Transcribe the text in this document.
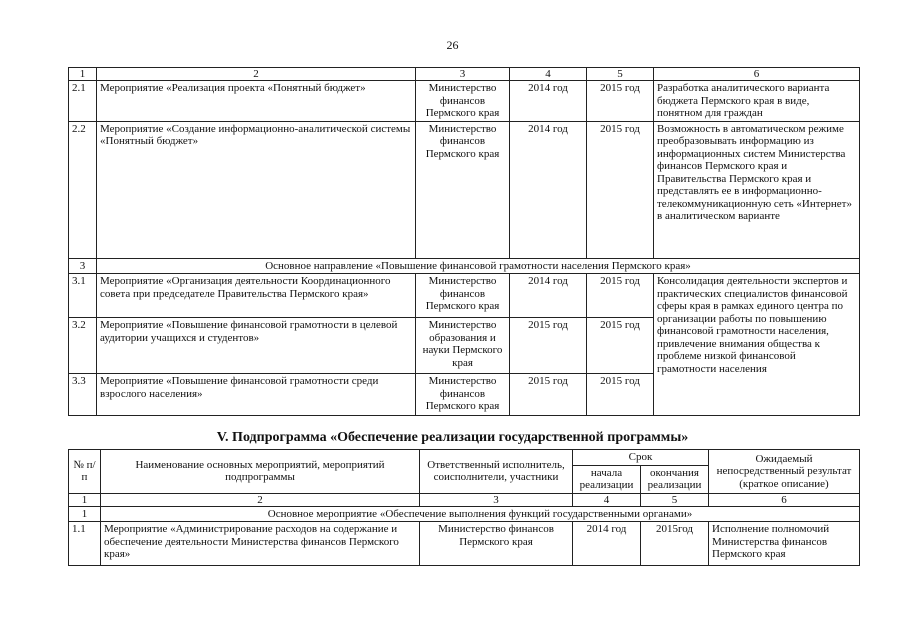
26
1	2	3	4	5	6
2.1	Мероприятие «Реализация проекта «Понятный бюджет»	Министерство финансов Пермского края	2014 год	2015 год	Разработка аналитического варианта бюджета Пермского края в виде, понятном для граждан
2.2	Мероприятие «Создание информационно-аналитической системы «Понятный бюджет»	Министерство финансов Пермского края	2014 год	2015 год	Возможность в автоматическом режиме преобразовывать информацию из информационных систем Министерства финансов Пермского края и Правительства Пермского края и представлять ее в информационно-телекоммуникационную сеть «Интернет» в аналитическом варианте
3	Основное направление «Повышение финансовой грамотности населения Пермского края»				
3.1	Мероприятие «Организация деятельности Координационного совета при председателе Правительства Пермского края»	Министерство финансов Пермского края	2014 год	2015 год	Консолидация деятельности экспертов и практических специалистов финансовой сферы края в рамках единого центра по организации работы по повышению финансовой грамотности населения, привлечение внимания общества к проблеме низкой финансовой грамотности населения
3.2	Мероприятие «Повышение финансовой грамотности в целевой аудитории учащихся и студентов»	Министерство образования и науки Пермского края	2015 год	2015 год	
3.3	Мероприятие «Повышение финансовой грамотности среди взрослого населения»	Министерство финансов Пермского края	2015 год	2015 год	
V. Подпрограмма «Обеспечение реализации государственной программы»
№ п/п	Наименование основных мероприятий, мероприятий подпрограммы	Ответственный исполнитель, соисполнители, участники	Срок		Ожидаемый непосредственный результат (краткое описание)
			начала реализации	окончания реализации	
1	2	3	4	5	6
1	Основное мероприятие «Обеспечение выполнения функций государственными органами»				
1.1	Мероприятие «Администрирование расходов на содержание и обеспечение деятельности Министерства финансов Пермского края»	Министерство финансов Пермского края	2014 год	2015год	Исполнение полномочий Министерства финансов Пермского края
